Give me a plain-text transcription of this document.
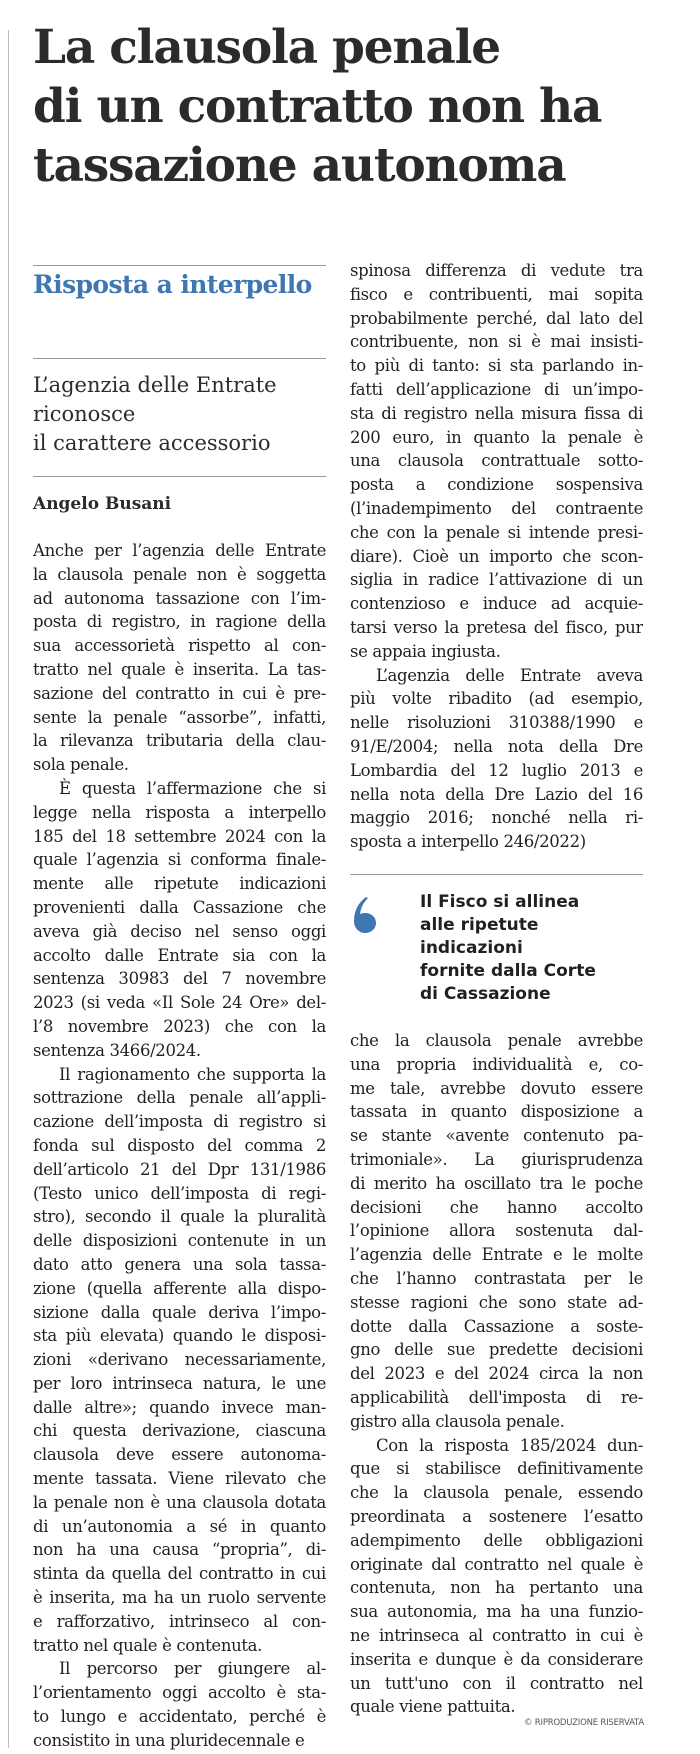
La clausola penale
di un contratto non ha
tassazione autonoma

Risposta a interpello

L’agenzia delle Entrate
riconosce
il carattere accessorio

Angelo Busani
Anche per l’agenzia delle Entrate
la clausola penale non è soggetta
ad autonoma tassazione con l’im-
posta di registro, in ragione della
sua accessorietà rispetto al con-
tratto nel quale è inserita. La tas-
sazione del contratto in cui è pre-
sente la penale “assorbe”, infatti,
la rilevanza tributaria della clau-
sola penale.
È questa l’affermazione che si
legge nella risposta a interpello
185 del 18 settembre 2024 con la
quale l’agenzia si conforma finale-
mente alle ripetute indicazioni
provenienti dalla Cassazione che
aveva già deciso nel senso oggi
accolto dalle Entrate sia con la
sentenza 30983 del 7 novembre
2023 (si veda «Il Sole 24 Ore» del-
l’8 novembre 2023) che con la
sentenza 3466/2024.
Il ragionamento che supporta la
sottrazione della penale all’appli-
cazione dell’imposta di registro si
fonda sul disposto del comma 2
dell’articolo 21 del Dpr 131/1986
(Testo unico dell’imposta di regi-
stro), secondo il quale la pluralità
delle disposizioni contenute in un
dato atto genera una sola tassa-
zione (quella afferente alla dispo-
sizione dalla quale deriva l’impo-
sta più elevata) quando le disposi-
zioni «derivano necessariamente,
per loro intrinseca natura, le une
dalle altre»; quando invece man-
chi questa derivazione, ciascuna
clausola deve essere autonoma-
mente tassata. Viene rilevato che
la penale non è una clausola dotata
di un’autonomia a sé in quanto
non ha una causa “propria”, di-
stinta da quella del contratto in cui
è inserita, ma ha un ruolo servente
e rafforzativo, intrinseco al con-
tratto nel quale è contenuta.
Il percorso per giungere al-
l’orientamento oggi accolto è sta-
to lungo e accidentato, perché è
consistito in una pluridecennale e
spinosa differenza di vedute tra
fisco e contribuenti, mai sopita
probabilmente perché, dal lato del
contribuente, non si è mai insisti-
to più di tanto: si sta parlando in-
fatti dell’applicazione di un’impo-
sta di registro nella misura fissa di
200 euro, in quanto la penale è
una clausola contrattuale sotto-
posta a condizione sospensiva
(l’inadempimento del contraente
che con la penale si intende presi-
diare). Cioè un importo che scon-
siglia in radice l’attivazione di un
contenzioso e induce ad acquie-
tarsi verso la pretesa del fisco, pur
se appaia ingiusta.
L’agenzia delle Entrate aveva
più volte ribadito (ad esempio,
nelle risoluzioni 310388/1990 e
91/E/2004; nella nota della Dre
Lombardia del 12 luglio 2013 e
nella nota della Dre Lazio del 16
maggio 2016; nonché nella ri-
sposta a interpello 246/2022)
Il Fisco si allinea
alle ripetute
indicazioni
fornite dalla Corte
di Cassazione
che la clausola penale avrebbe
una propria individualità e, co-
me tale, avrebbe dovuto essere
tassata in quanto disposizione a
se stante «avente contenuto pa-
trimoniale». La giurisprudenza
di merito ha oscillato tra le poche
decisioni che hanno accolto
l’opinione allora sostenuta dal-
l’agenzia delle Entrate e le molte
che l’hanno contrastata per le
stesse ragioni che sono state ad-
dotte dalla Cassazione a soste-
gno delle sue predette decisioni
del 2023 e del 2024 circa la non
applicabilità dell'imposta di re-
gistro alla clausola penale.
Con la risposta 185/2024 dun-
que si stabilisce definitivamente
che la clausola penale, essendo
preordinata a sostenere l’esatto
adempimento delle obbligazioni
originate dal contratto nel quale è
contenuta, non ha pertanto una
sua autonomia, ma ha una funzio-
ne intrinseca al contratto in cui è
inserita e dunque è da considerare
un tutt'uno con il contratto nel
quale viene pattuita.
© RIPRODUZIONE RISERVATA
